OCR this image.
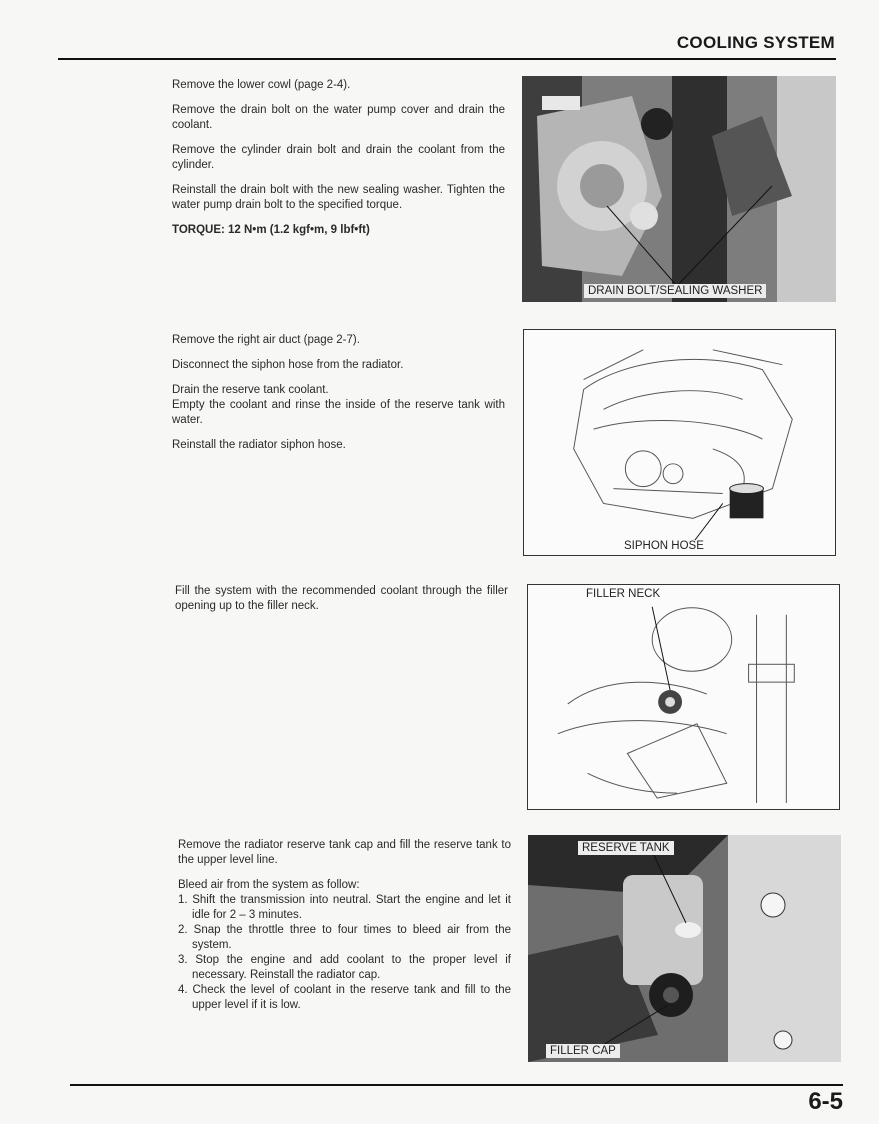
COOLING SYSTEM

Remove the lower cowl (page 2-4).

Remove the drain bolt on the water pump cover and drain the coolant.

Remove the cylinder drain bolt and drain the coolant from the cylinder.

Reinstall the drain bolt with the new sealing washer. Tighten the water pump drain bolt to the specified torque.

TORQUE: 12 N•m (1.2 kgf•m, 9 lbf•ft)

DRAIN BOLT/SEALING WASHER

Remove the right air duct (page 2-7).

Disconnect the siphon hose from the radiator.

Drain the reserve tank coolant.
Empty the coolant and rinse the inside of the reserve tank with water.

Reinstall the radiator siphon hose.

SIPHON HOSE

Fill the system with the recommended coolant through the filler opening up to the filler neck.

FILLER NECK

Remove the radiator reserve tank cap and fill the reserve tank to the upper level line.

Bleed air from the system as follow:

1. Shift the transmission into neutral. Start the engine and let it idle for 2 – 3 minutes.
2. Snap the throttle three to four times to bleed air from the system.
3. Stop the engine and add coolant to the proper level if necessary. Reinstall the radiator cap.
4. Check the level of coolant in the reserve tank and fill to the upper level if it is low.
RESERVE TANK
FILLER CAP
6-5
